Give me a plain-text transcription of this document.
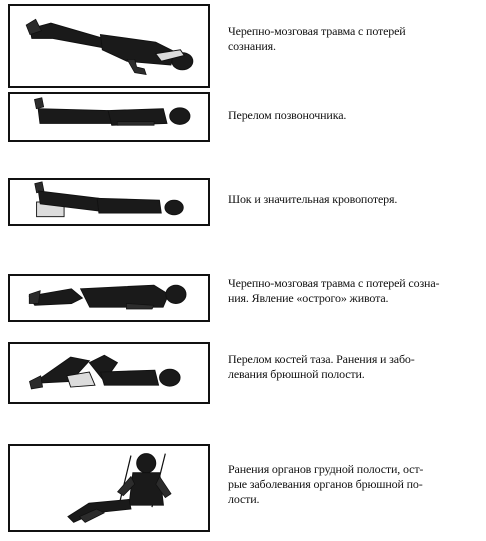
Черепно-мозговая травма с потерей
сознания.
Перелом позвоночника.
Шок и значительная кровопотеря.
Черепно-мозговая травма с потерей созна-
ния. Явление «острого» живота.
Перелом костей таза. Ранения и забо-
левания брюшной полости.
Ранения органов грудной полости, ост-
рые заболевания органов брюшной по-
лости.
